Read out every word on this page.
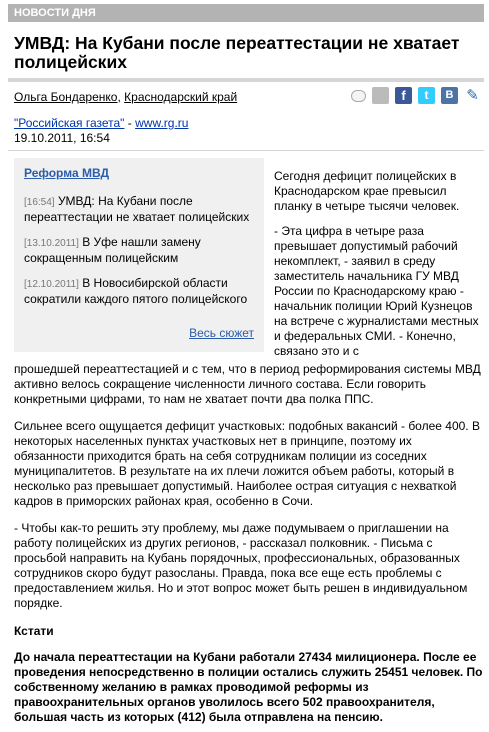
НОВОСТИ ДНЯ
УМВД: На Кубани после переаттестации не хватает полицейских
Ольга Бондаренко, Краснодарский край	f	t	B ✎
"Российская газета" - www.rg.ru
19.10.2011, 16:54
Реформа МВД
[16:54] УМВД: На Кубани после переаттестации не хватает полицейских
[13.10.2011] В Уфе нашли замену сокращенным полицейским
[12.10.2011] В Новосибирской области сократили каждого пятого полицейского
Весь сюжет

Сегодня дефицит полицейских в Краснодарском крае превысил планку в четыре тысячи человек.

- Эта цифра в четыре раза превышает допустимый рабочий некомплект, - заявил в среду заместитель начальника ГУ МВД России по Краснодарскому краю - начальник полиции Юрий Кузнецов на встрече с журналистами местных и федеральных СМИ. - Конечно, связано это и с

прошедшей переаттестацией и с тем, что в период реформирования системы МВД активно велось сокращение численности личного состава. Если говорить конкретными цифрами, то нам не хватает почти два полка ППС.

Сильнее всего ощущается дефицит участковых: подобных вакансий - более 400. В некоторых населенных пунктах участковых нет в принципе, поэтому их обязанности приходится брать на себя сотрудникам полиции из соседних муниципалитетов. В результате на их плечи ложится объем работы, который в несколько раз превышает допустимый. Наиболее острая ситуация с нехваткой кадров в приморских районах края, особенно в Сочи.

- Чтобы как-то решить эту проблему, мы даже подумываем о приглашении на работу полицейских из других регионов, - рассказал полковник. - Письма с просьбой направить на Кубань порядочных, профессиональных, образованных сотрудников скоро будут разосланы. Правда, пока все еще есть проблемы с предоставлением жилья. Но и этот вопрос может быть решен в индивидуальном порядке.

Кстати

До начала переаттестации на Кубани работали 27434 милиционера. После ее проведения непосредственно в полиции остались служить 25451 человек. По собственному желанию в рамках проводимой реформы из правоохранительных органов уволилось всего 502 правоохранителя, большая часть из которых (412) была отправлена на пенсию.
